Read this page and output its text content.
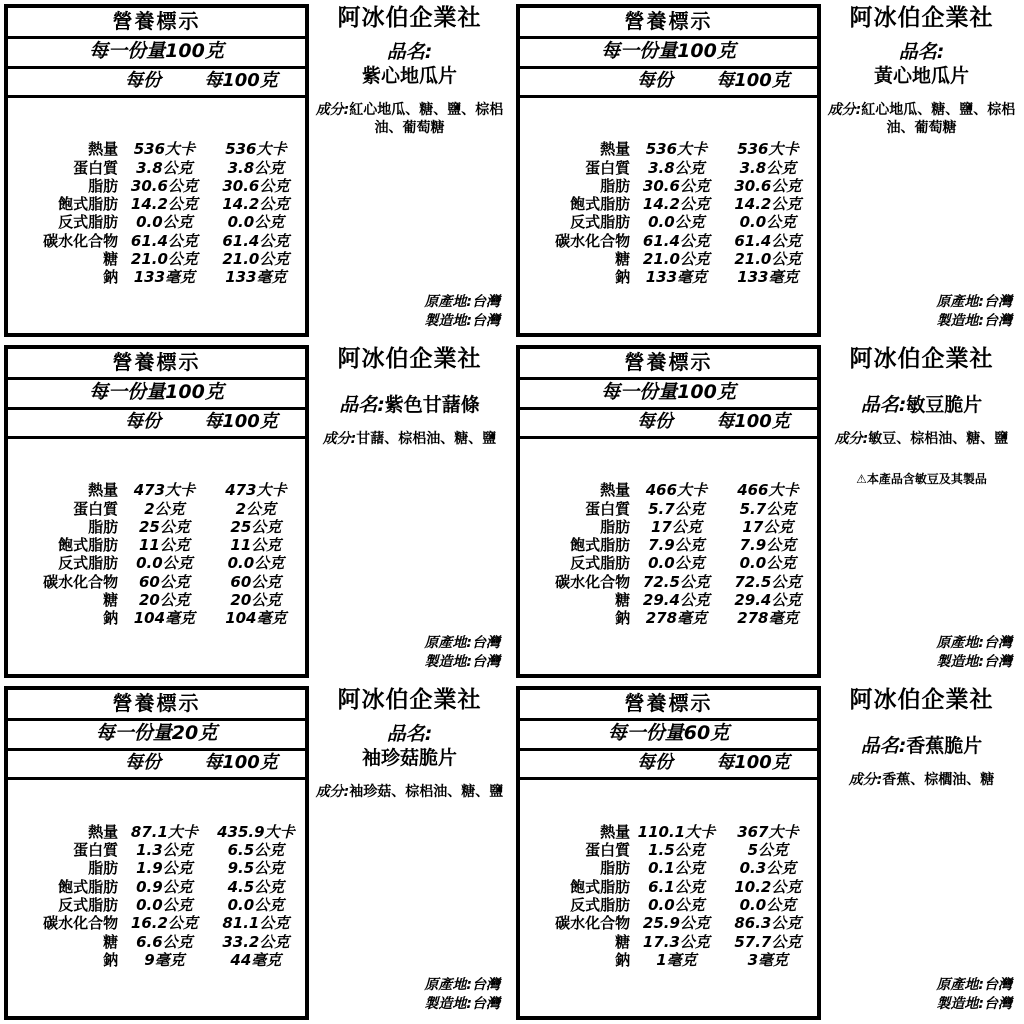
營養標示
每一份量100克
每份	每100克
熱量	536大卡	536大卡
蛋白質	3.8公克	3.8公克
脂肪 30.6公克	30.6公克
飽式脂肪 14.2公克	14.2公克
反式脂肪	0.0公克	0.0公克
碳水化合物 61.4公克	61.4公克
糖 21.0公克	21.0公克
鈉	133毫克	133毫克
阿冰伯企業社
品名:
紫心地瓜片
成分:紅心地瓜、糖、鹽、棕梠油、葡萄糖
原產地:台灣
製造地:台灣
營養標示
每一份量100克
每份	每100克
熱量	536大卡	536大卡
蛋白質	3.8公克	3.8公克
脂肪 30.6公克	30.6公克
飽式脂肪 14.2公克	14.2公克
反式脂肪	0.0公克	0.0公克
碳水化合物 61.4公克	61.4公克
糖 21.0公克	21.0公克
鈉	133毫克	133毫克
阿冰伯企業社
品名:
黃心地瓜片
成分:紅心地瓜、糖、鹽、棕梠油、葡萄糖
原產地:台灣
製造地:台灣
營養標示
每一份量100克
每份	每100克
熱量	473大卡	473大卡
蛋白質	2公克	2公克
脂肪	25公克	25公克
飽式脂肪	11公克	11公克
反式脂肪	0.0公克	0.0公克
碳水化合物	60公克	60公克
糖	20公克	20公克
鈉	104毫克	104毫克
阿冰伯企業社
品名:紫色甘藷條
成分:甘藷、棕梠油、糖、鹽
原產地:台灣
製造地:台灣
營養標示
每一份量100克
每份	每100克
熱量	466大卡	466大卡
蛋白質	5.7公克	5.7公克
脂肪	17公克	17公克
飽式脂肪	7.9公克	7.9公克
反式脂肪	0.0公克	0.0公克
碳水化合物 72.5公克	72.5公克
糖 29.4公克	29.4公克
鈉	278毫克	278毫克
阿冰伯企業社
品名:敏豆脆片
成分:敏豆、棕梠油、糖、鹽
⚠本產品含敏豆及其製品
原產地:台灣
製造地:台灣
營養標示
每一份量20克
每份	每100克
熱量 87.1大卡	435.9大卡
蛋白質	1.3公克	6.5公克
脂肪	1.9公克	9.5公克
飽式脂肪	0.9公克	4.5公克
反式脂肪	0.0公克	0.0公克
碳水化合物 16.2公克	81.1公克
糖	6.6公克	33.2公克
鈉	9毫克	44毫克
阿冰伯企業社
品名:
袖珍菇脆片
成分:袖珍菇、棕梠油、糖、鹽
原產地:台灣
製造地:台灣
營養標示
每一份量60克
每份	每100克
熱量 110.1大卡	367大卡
蛋白質	1.5公克	5公克
脂肪	0.1公克	0.3公克
飽式脂肪	6.1公克	10.2公克
反式脂肪	0.0公克	0.0公克
碳水化合物 25.9公克	86.3公克
糖 17.3公克	57.7公克
鈉	1毫克	3毫克
阿冰伯企業社
品名:香蕉脆片
成分:香蕉、棕櫚油、糖
原產地:台灣
製造地:台灣
